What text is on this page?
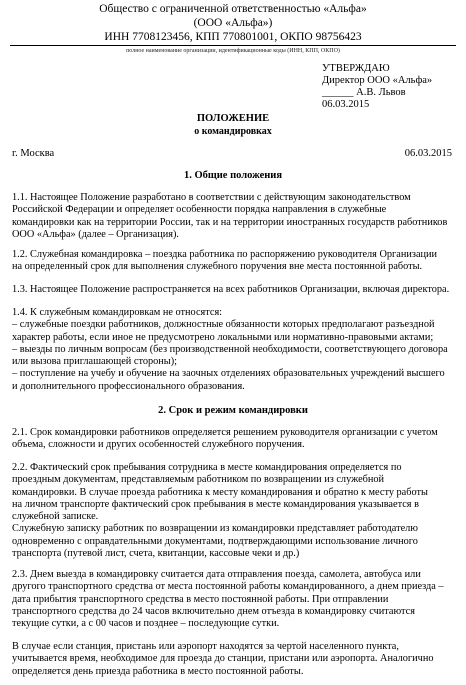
Общество с ограниченной ответственностью «Альфа»
(ООО «Альфа»)
ИНН 7708123456, КПП 770801001, ОКПО 98756423
полное наименование организации, идентификационные коды (ИНН, КПП, ОКПО)
УТВЕРЖДАЮ
Директор ООО «Альфа»
______ А.В. Львов
06.03.2015
ПОЛОЖЕНИЕ
о командировках
г. Москва	06.03.2015
1. Общие положения
1.1. Настоящее Положение разработано в соответствии с действующим законодательством
Российской Федерации и определяет особенности порядка направления в служебные
командировки как на территории России, так и на территории иностранных государств работников
ООО «Альфа» (далее – Организация).
1.2. Служебная командировка – поездка работника по распоряжению руководителя Организации
на определенный срок для выполнения служебного поручения вне места постоянной работы.
1.3. Настоящее Положение распространяется на всех работников Организации, включая директора.
1.4. К служебным командировкам не относятся:
– служебные поездки работников, должностные обязанности которых предполагают разъездной
характер работы, если иное не предусмотрено локальными или нормативно-правовыми актами;
– выезды по личным вопросам (без производственной необходимости, соответствующего договора
или вызова приглашающей стороны);
– поступление на учебу и обучение на заочных отделениях образовательных учреждений высшего
и дополнительного профессионального образования.
2. Срок и режим командировки
2.1. Срок командировки работников определяется решением руководителя организации с учетом
объема, сложности и других особенностей служебного поручения.
2.2. Фактический срок пребывания сотрудника в месте командирования определяется по
проездным документам, представляемым работником по возвращении из служебной
командировки. В случае проезда работника к месту командирования и обратно к месту работы
на личном транспорте фактический срок пребывания в месте командирования указывается в
служебной записке.
Служебную записку работник по возвращении из командировки представляет работодателю
одновременно с оправдательными документами, подтверждающими использование личного
транспорта (путевой лист, счета, квитанции, кассовые чеки и др.)
2.3. Днем выезда в командировку считается дата отправления поезда, самолета, автобуса или
другого транспортного средства от места постоянной работы командированного, а днем приезда –
дата прибытия транспортного средства в место постоянной работы. При отправлении
транспортного средства до 24 часов включительно днем отъезда в командировку считаются
текущие сутки, а с 00 часов и позднее – последующие сутки.
В случае если станция, пристань или аэропорт находятся за чертой населенного пункта,
учитывается время, необходимое для проезда до станции, пристани или аэропорта. Аналогично
определяется день приезда работника в место постоянной работы.
